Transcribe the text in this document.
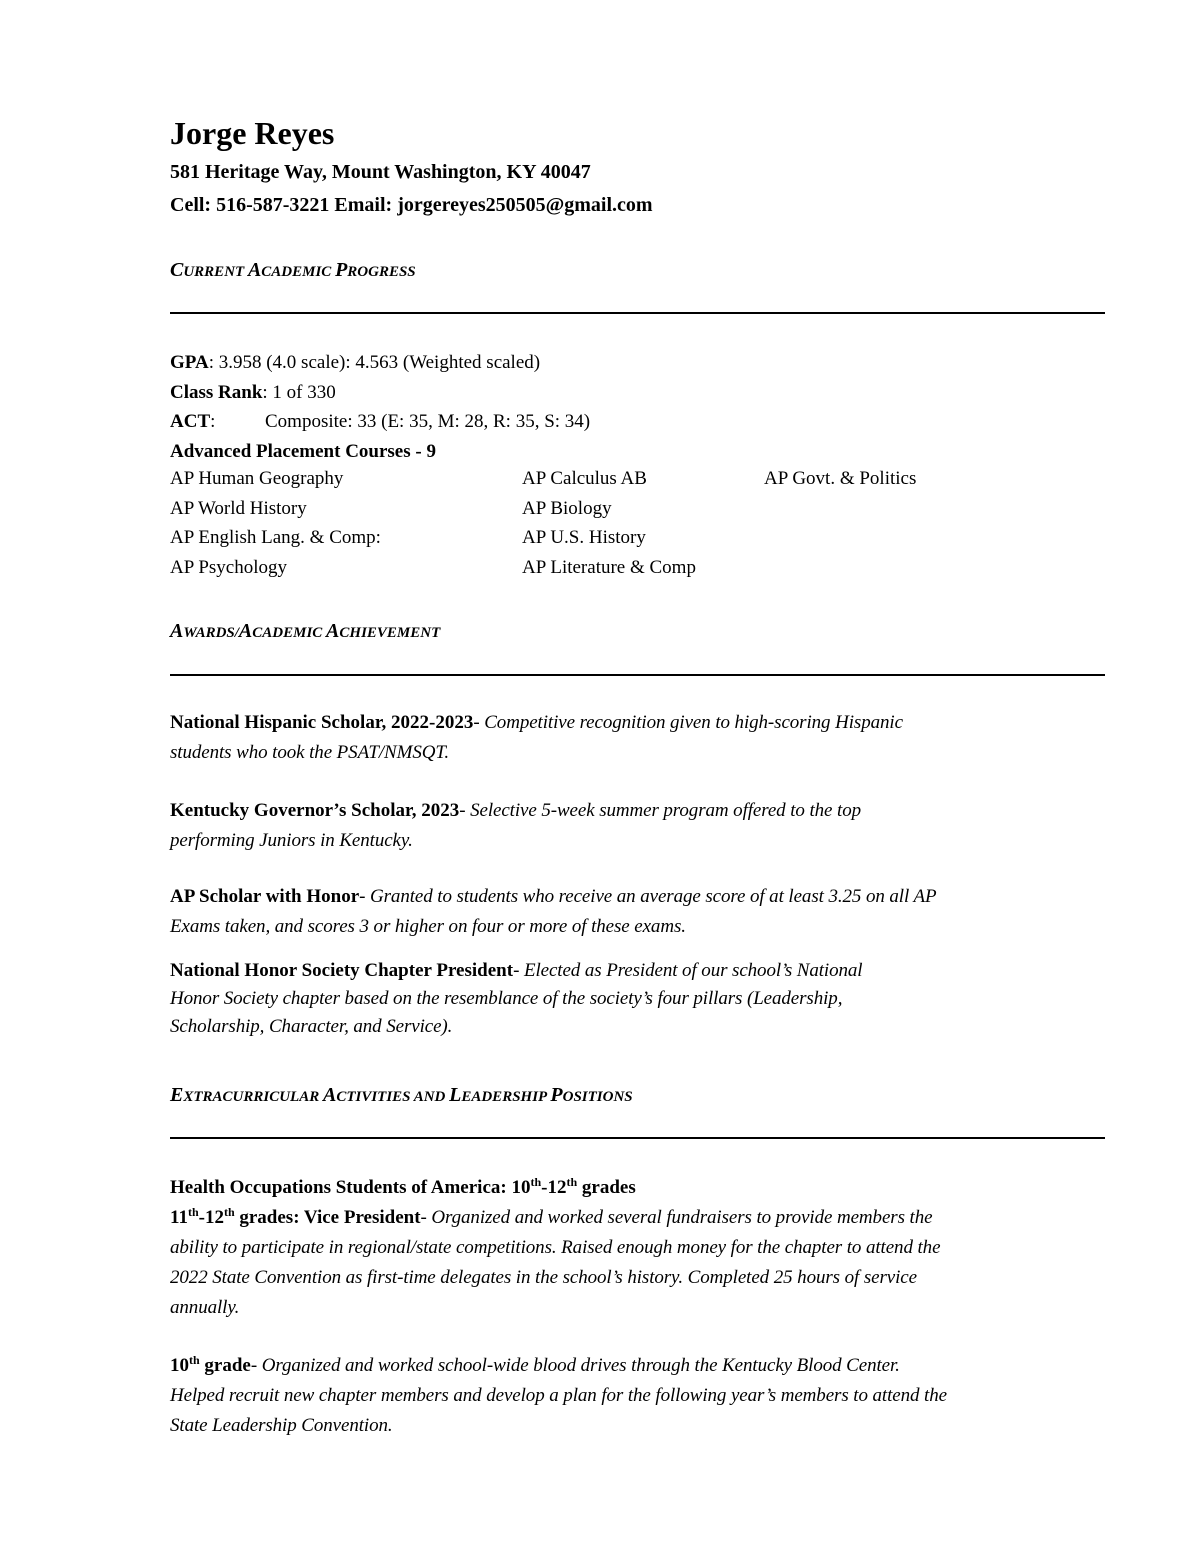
Jorge Reyes
581 Heritage Way, Mount Washington, KY 40047
Cell: 516-587-3221 Email: jorgereyes250505@gmail.com
CURRENT ACADEMIC PROGRESS
GPA: 3.958 (4.0 scale): 4.563 (Weighted scaled)
Class Rank: 1 of 330
ACT:	Composite: 33 (E: 35, M: 28, R: 35, S: 34)
Advanced Placement Courses - 9
AP Human Geography	AP Calculus AB	AP Govt. & Politics
AP World History	AP Biology
AP English Lang. & Comp:	AP U.S. History
AP Psychology	AP Literature & Comp
AWARDS/ACADEMIC ACHIEVEMENT
National Hispanic Scholar, 2022-2023- Competitive recognition given to high-scoring Hispanic
students who took the PSAT/NMSQT.
Kentucky Governor’s Scholar, 2023- Selective 5-week summer program offered to the top
performing Juniors in Kentucky.
AP Scholar with Honor- Granted to students who receive an average score of at least 3.25 on all AP
Exams taken, and scores 3 or higher on four or more of these exams.
National Honor Society Chapter President- Elected as President of our school’s National
Honor Society chapter based on the resemblance of the society’s four pillars (Leadership,
Scholarship, Character, and Service).
EXTRACURRICULAR ACTIVITIES AND LEADERSHIP POSITIONS
Health Occupations Students of America: 10th-12th grades
11th-12th grades: Vice President- Organized and worked several fundraisers to provide members the
ability to participate in regional/state competitions. Raised enough money for the chapter to attend the
2022 State Convention as first-time delegates in the school’s history. Completed 25 hours of service
annually.
10th grade- Organized and worked school-wide blood drives through the Kentucky Blood Center.
Helped recruit new chapter members and develop a plan for the following year’s members to attend the
State Leadership Convention.
